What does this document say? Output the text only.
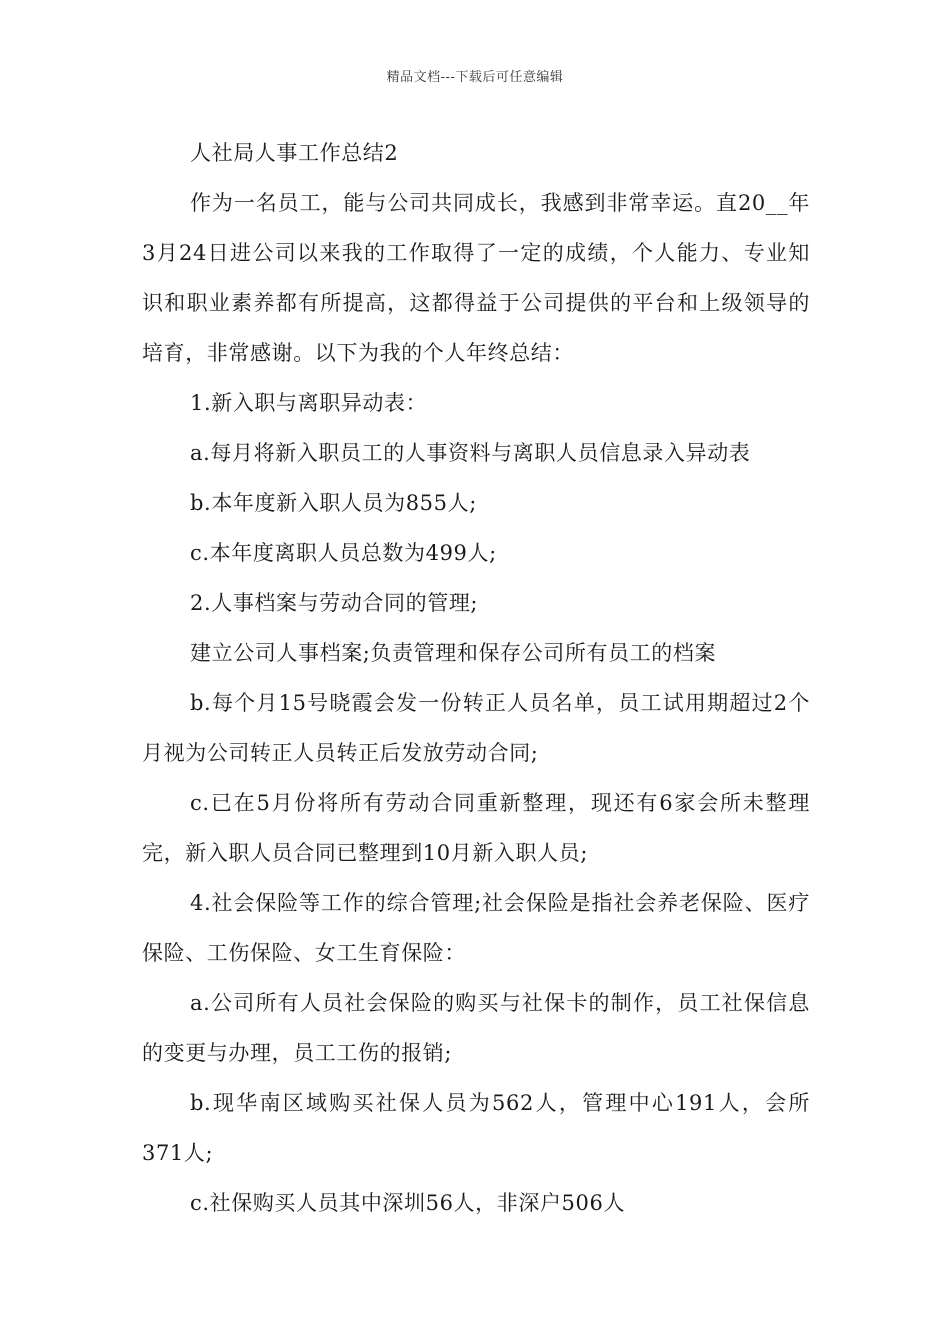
精品文档---下载后可任意编辑

人社局人事工作总结2

作为一名员工，能与公司共同成长，我感到非常幸运。直20__年3月24日进公司以来我的工作取得了一定的成绩，个人能力、专业知识和职业素养都有所提高，这都得益于公司提供的平台和上级领导的培育，非常感谢。以下为我的个人年终总结：

1.新入职与离职异动表：

a.每月将新入职员工的人事资料与离职人员信息录入异动表

b.本年度新入职人员为855人;

c.本年度离职人员总数为499人;

2.人事档案与劳动合同的管理;

建立公司人事档案;负责管理和保存公司所有员工的档案

b.每个月15号晓霞会发一份转正人员名单，员工试用期超过2个月视为公司转正人员转正后发放劳动合同;

c.已在5月份将所有劳动合同重新整理，现还有6家会所未整理完，新入职人员合同已整理到10月新入职人员;

4.社会保险等工作的综合管理;社会保险是指社会养老保险、医疗保险、工伤保险、女工生育保险：

a.公司所有人员社会保险的购买与社保卡的制作，员工社保信息的变更与办理，员工工伤的报销;

b.现华南区域购买社保人员为562人，管理中心191人，会所371人;

c.社保购买人员其中深圳56人，非深户506人
